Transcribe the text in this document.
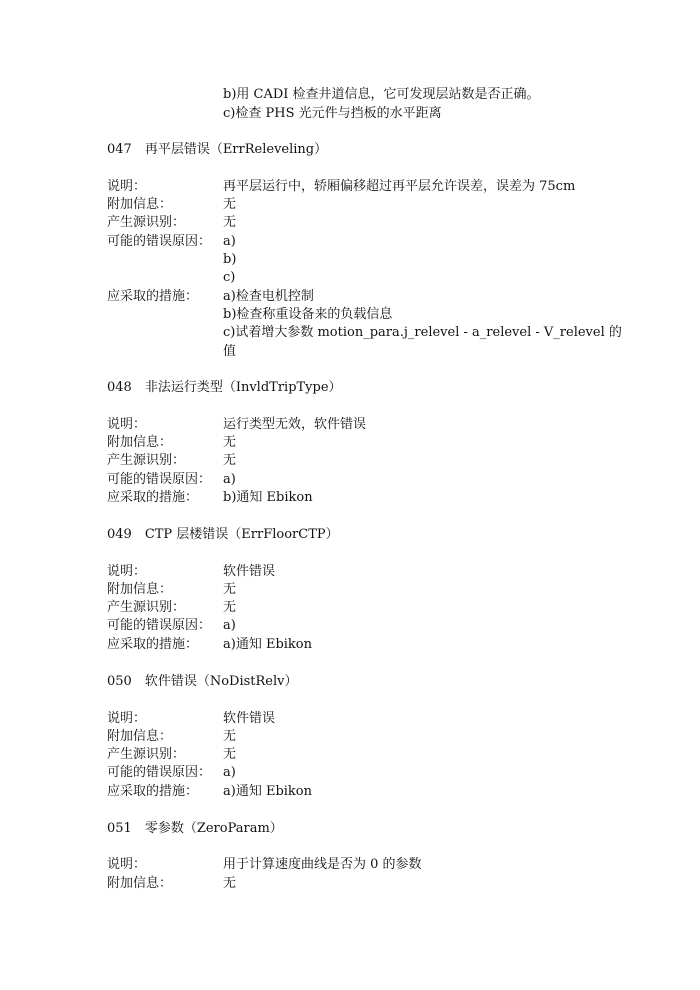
b)用 CADI 检查井道信息，它可发现层站数是否正确。
c)检查 PHS 光元件与挡板的水平距离
047　再平层错误（ErrReleveling）
说明：	再平层运行中，轿厢偏移超过再平层允许误差，误差为 75cm
附加信息：	无
产生源识别：	无
可能的错误原因： a)
b)
c)
应采取的措施： a)检查电机控制
b)检查称重设备来的负载信息
c)试着增大参数 motion_para.j_relevel - a_relevel - V_relevel 的
值
048　非法运行类型（InvldTripType）
说明：	运行类型无效，软件错误
附加信息：	无
产生源识别：	无
可能的错误原因： a)
应采取的措施： b)通知 Ebikon
049　CTP 层楼错误（ErrFloorCTP）
说明：	软件错误
附加信息：	无
产生源识别：	无
可能的错误原因： a)
应采取的措施： a)通知 Ebikon
050　软件错误（NoDistRelv）
说明：	软件错误
附加信息：	无
产生源识别：	无
可能的错误原因： a)
应采取的措施： a)通知 Ebikon
051　零参数（ZeroParam）
说明：	用于计算速度曲线是否为 0 的参数
附加信息：	无
